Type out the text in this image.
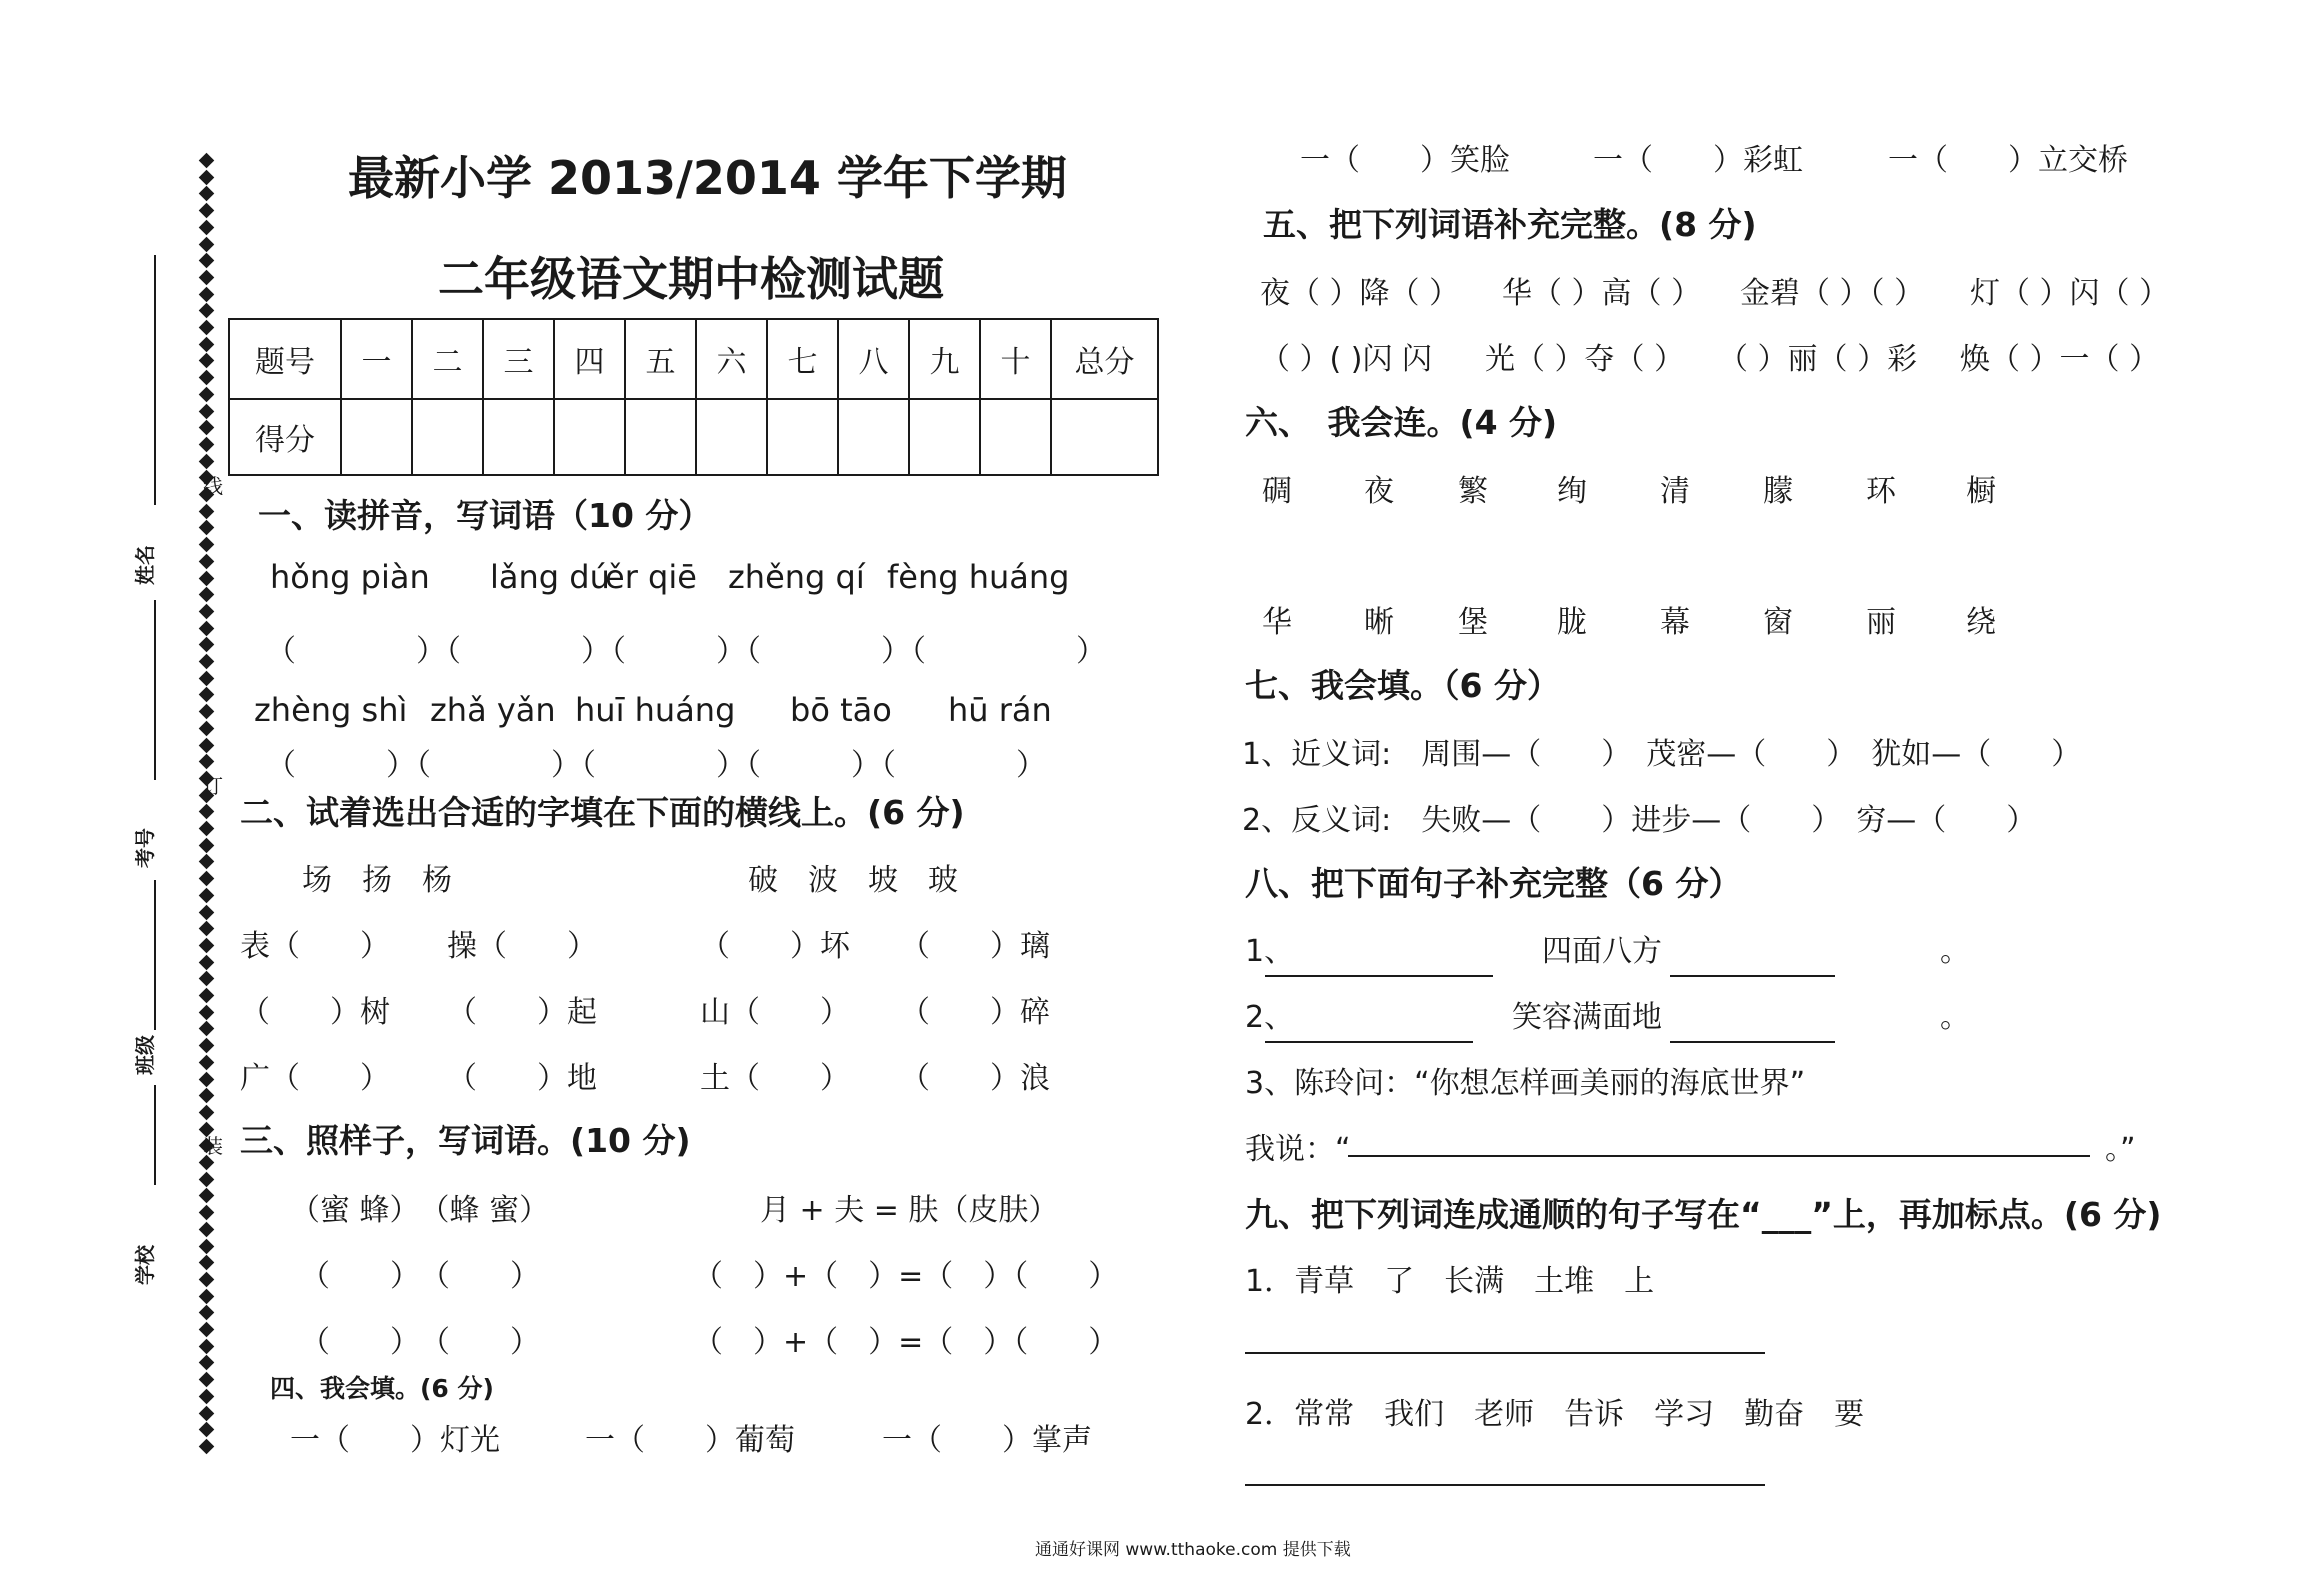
线
订
装
姓名
考号
班级
学校
最新小学 2013/2014 学年下学期
二年级语文期中检测试题
题号	一	二	三	四	五	六	七	八	九	十	总分
得分											
一、读拼音，写词语（10 分）
hǒng piàn lǎng dú
ěr qiē zhěng qí fèng huáng
（　　　　）（　　　　）（　　　）（　　　　）（　　　　　）
zhèng shì zhǎ yǎn huī huáng bō tāo hū rán
（　　　）（　　　　）（　　　　）（　　　）（　　　　）
二、试着选出合适的字填在下面的横线上。(6 分)
场　扬　杨	破　波　坡　玻
表（　　） 操（　　）	（　　）坏 （　　）璃
（　　）树 （　　）起	山（　　） （　　）碎
广（　　） （　　）地	土（　　） （　　）浪
三、照样子，写词语。(10 分)
（蜜 蜂）　（蜂 蜜）	月 + 夫 = 肤（皮肤）
（　　）　（　　）	（　）+（　）=（　）（　　）
（　　）　（　　）	（　）+（　）=（　）（　　）
四、我会填。(6 分)
一（　　）灯光	一（　　）葡萄	一（　　）掌声
一（　　）笑脸	一（　　）彩虹	一（　　）立交桥
五、把下列词语补充完整。(8 分)
夜（ ）降（ ） 华（ ）高（ ） 金碧（ ）（ ） 灯（ ）闪（ ）
（ ）( )闪 闪 光（ ）夺（ ） （ ）丽（ ）彩 焕（ ）一（ ）
六、　我会连。(4 分)
碉 夜 繁 绚 清 朦 环 橱
华 晰 堡 胧 幕 窗 丽 绕
七、我会填。（6 分）
1、近义词:　周围—（　　）　茂密—（　　）　犹如—（　　）
2、反义词:　失败—（　　）进步—（　　）　穷—（　　）
八、把下面句子补充完整（6 分）
1、	四面八方	。
2、	笑容满面地	。
3、陈玲问：“你想怎样画美丽的海底世界”
我说：“	。”
九、把下列词连成通顺的句子写在“___”上，再加标点。(6 分)
1．青草　了　长满　土堆　上
2．常常　我们　老师　告诉　学习　勤奋　要
通通好课网 www.tthaoke.com 提供下载
